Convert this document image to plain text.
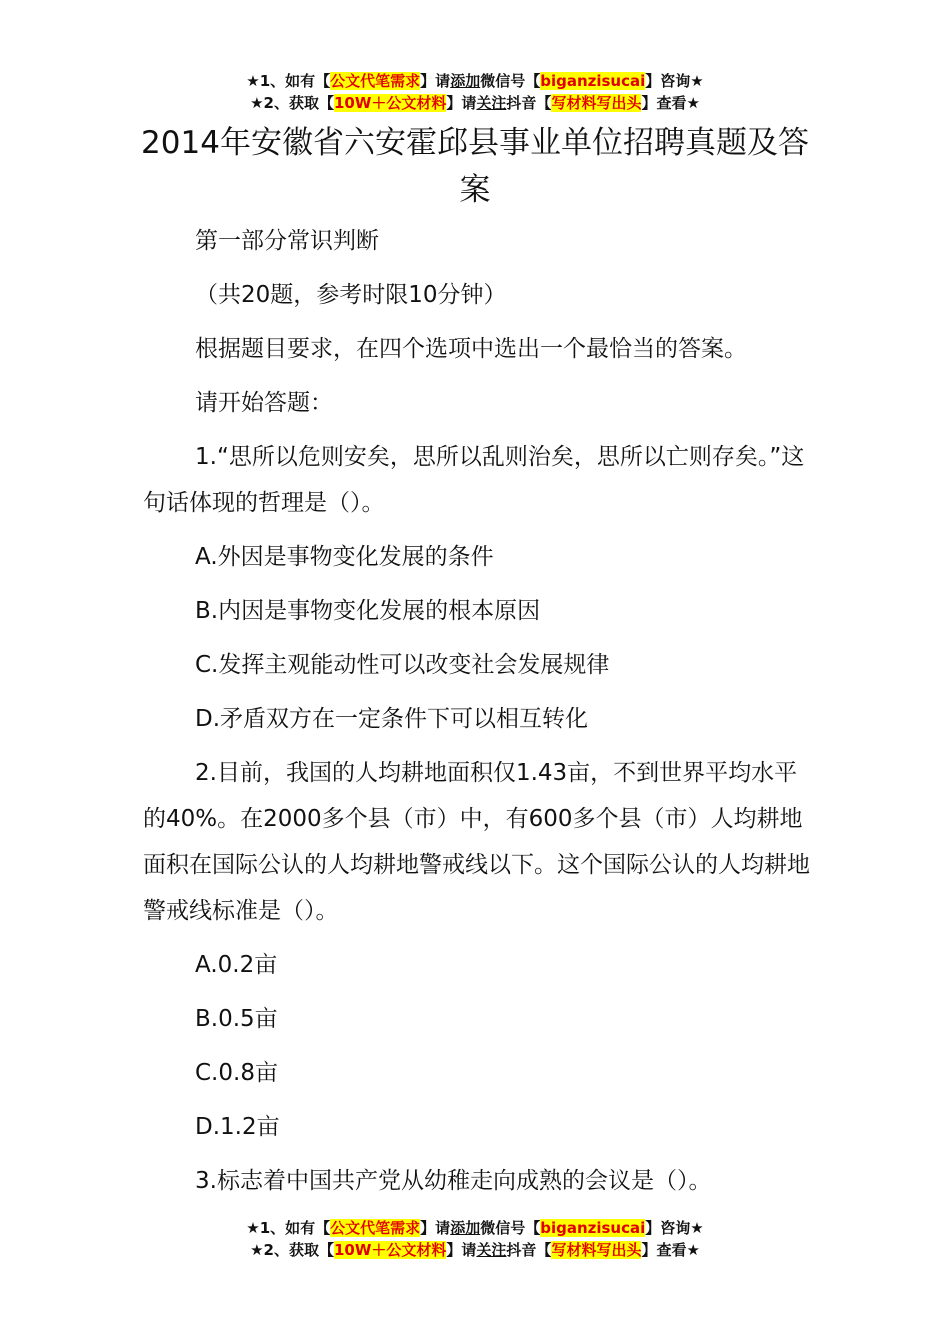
★1、如有【公文代笔需求】请添加微信号【biganzisucai】咨询★
★2、获取【10W＋公文材料】请关注抖音【写材料写出头】查看★
2014年安徽省六安霍邱县事业单位招聘真题及答案

第一部分常识判断

（共20题，参考时限10分钟）

根据题目要求，在四个选项中选出一个最恰当的答案。

请开始答题：

1.“思所以危则安矣，思所以乱则治矣，思所以亡则存矣。”这句话体现的哲理是（）。

A.外因是事物变化发展的条件

B.内因是事物变化发展的根本原因

C.发挥主观能动性可以改变社会发展规律

D.矛盾双方在一定条件下可以相互转化

2.目前，我国的人均耕地面积仅1.43亩，不到世界平均水平的40%。在2000多个县（市）中，有600多个县（市）人均耕地面积在国际公认的人均耕地警戒线以下。这个国际公认的人均耕地警戒线标准是（）。

A.0.2亩

B.0.5亩

C.0.8亩

D.1.2亩

3.标志着中国共产党从幼稚走向成熟的会议是（）。

★1、如有【公文代笔需求】请添加微信号【biganzisucai】咨询★
★2、获取【10W＋公文材料】请关注抖音【写材料写出头】查看★
